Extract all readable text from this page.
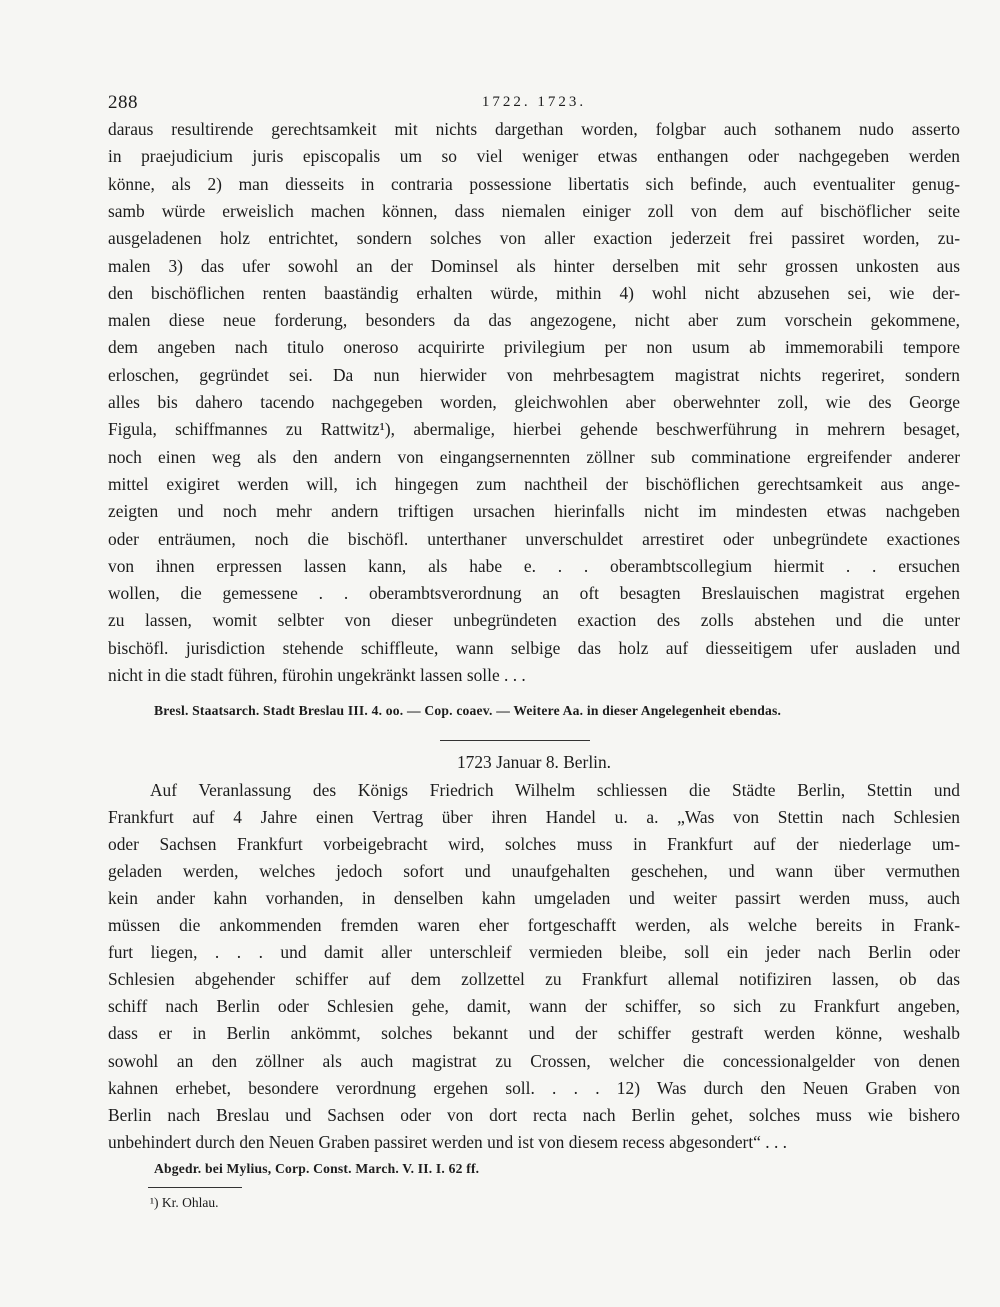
288	1722. 1723.
daraus resultirende gerechtsamkeit mit nichts dargethan worden, folgbar auch sothanem nudo asserto
in praejudicium juris episcopalis um so viel weniger etwas enthangen oder nachgegeben werden
könne, als 2) man diesseits in contraria possessione libertatis sich befinde, auch eventualiter genug-
samb würde erweislich machen können, dass niemalen einiger zoll von dem auf bischöflicher seite
ausgeladenen holz entrichtet, sondern solches von aller exaction jederzeit frei passiret worden, zu-
malen 3) das ufer sowohl an der Dominsel als hinter derselben mit sehr grossen unkosten aus
den bischöflichen renten baaständig erhalten würde, mithin 4) wohl nicht abzusehen sei, wie der-
malen diese neue forderung, besonders da das angezogene, nicht aber zum vorschein gekommene,
dem angeben nach titulo oneroso acquirirte privilegium per non usum ab immemorabili tempore
erloschen, gegründet sei. Da nun hierwider von mehrbesagtem magistrat nichts regeriret, sondern
alles bis dahero tacendo nachgegeben worden, gleichwohlen aber oberwehnter zoll, wie des George
Figula, schiffmannes zu Rattwitz¹), abermalige, hierbei gehende beschwerführung in mehrern besaget,
noch einen weg als den andern von eingangsernennten zöllner sub comminatione ergreifender anderer
mittel exigiret werden will, ich hingegen zum nachtheil der bischöflichen gerechtsamkeit aus ange-
zeigten und noch mehr andern triftigen ursachen hierinfalls nicht im mindesten etwas nachgeben
oder enträumen, noch die bischöfl. unterthaner unverschuldet arrestiret oder unbegründete exactiones
von ihnen erpressen lassen kann, als habe e. . . oberambtscollegium hiermit . . ersuchen
wollen, die gemessene . . oberambtsverordnung an oft besagten Breslauischen magistrat ergehen
zu lassen, womit selbter von dieser unbegründeten exaction des zolls abstehen und die unter
bischöfl. jurisdiction stehende schiffleute, wann selbige das holz auf diesseitigem ufer ausladen und
nicht in die stadt führen, fürohin ungekränkt lassen solle . . .
Bresl. Staatsarch. Stadt Breslau III. 4. oo. — Cop. coaev. — Weitere Aa. in dieser Angelegenheit ebendas.
1723 Januar 8. Berlin.
Auf Veranlassung des Königs Friedrich Wilhelm schliessen die Städte Berlin, Stettin und
Frankfurt auf 4 Jahre einen Vertrag über ihren Handel u. a. „Was von Stettin nach Schlesien
oder Sachsen Frankfurt vorbeigebracht wird, solches muss in Frankfurt auf der niederlage um-
geladen werden, welches jedoch sofort und unaufgehalten geschehen, und wann über vermuthen
kein ander kahn vorhanden, in denselben kahn umgeladen und weiter passirt werden muss, auch
müssen die ankommenden fremden waren eher fortgeschafft werden, als welche bereits in Frank-
furt liegen, . . . und damit aller unterschleif vermieden bleibe, soll ein jeder nach Berlin oder
Schlesien abgehender schiffer auf dem zollzettel zu Frankfurt allemal notifiziren lassen, ob das
schiff nach Berlin oder Schlesien gehe, damit, wann der schiffer, so sich zu Frankfurt angeben,
dass er in Berlin ankömmt, solches bekannt und der schiffer gestraft werden könne, weshalb
sowohl an den zöllner als auch magistrat zu Crossen, welcher die concessionalgelder von denen
kahnen erhebet, besondere verordnung ergehen soll. . . . 12) Was durch den Neuen Graben von
Berlin nach Breslau und Sachsen oder von dort recta nach Berlin gehet, solches muss wie bishero
unbehindert durch den Neuen Graben passiret werden und ist von diesem recess abgesondert“ . . .
Abgedr. bei Mylius, Corp. Const. March. V. II. I. 62 ff.
¹) Kr. Ohlau.
